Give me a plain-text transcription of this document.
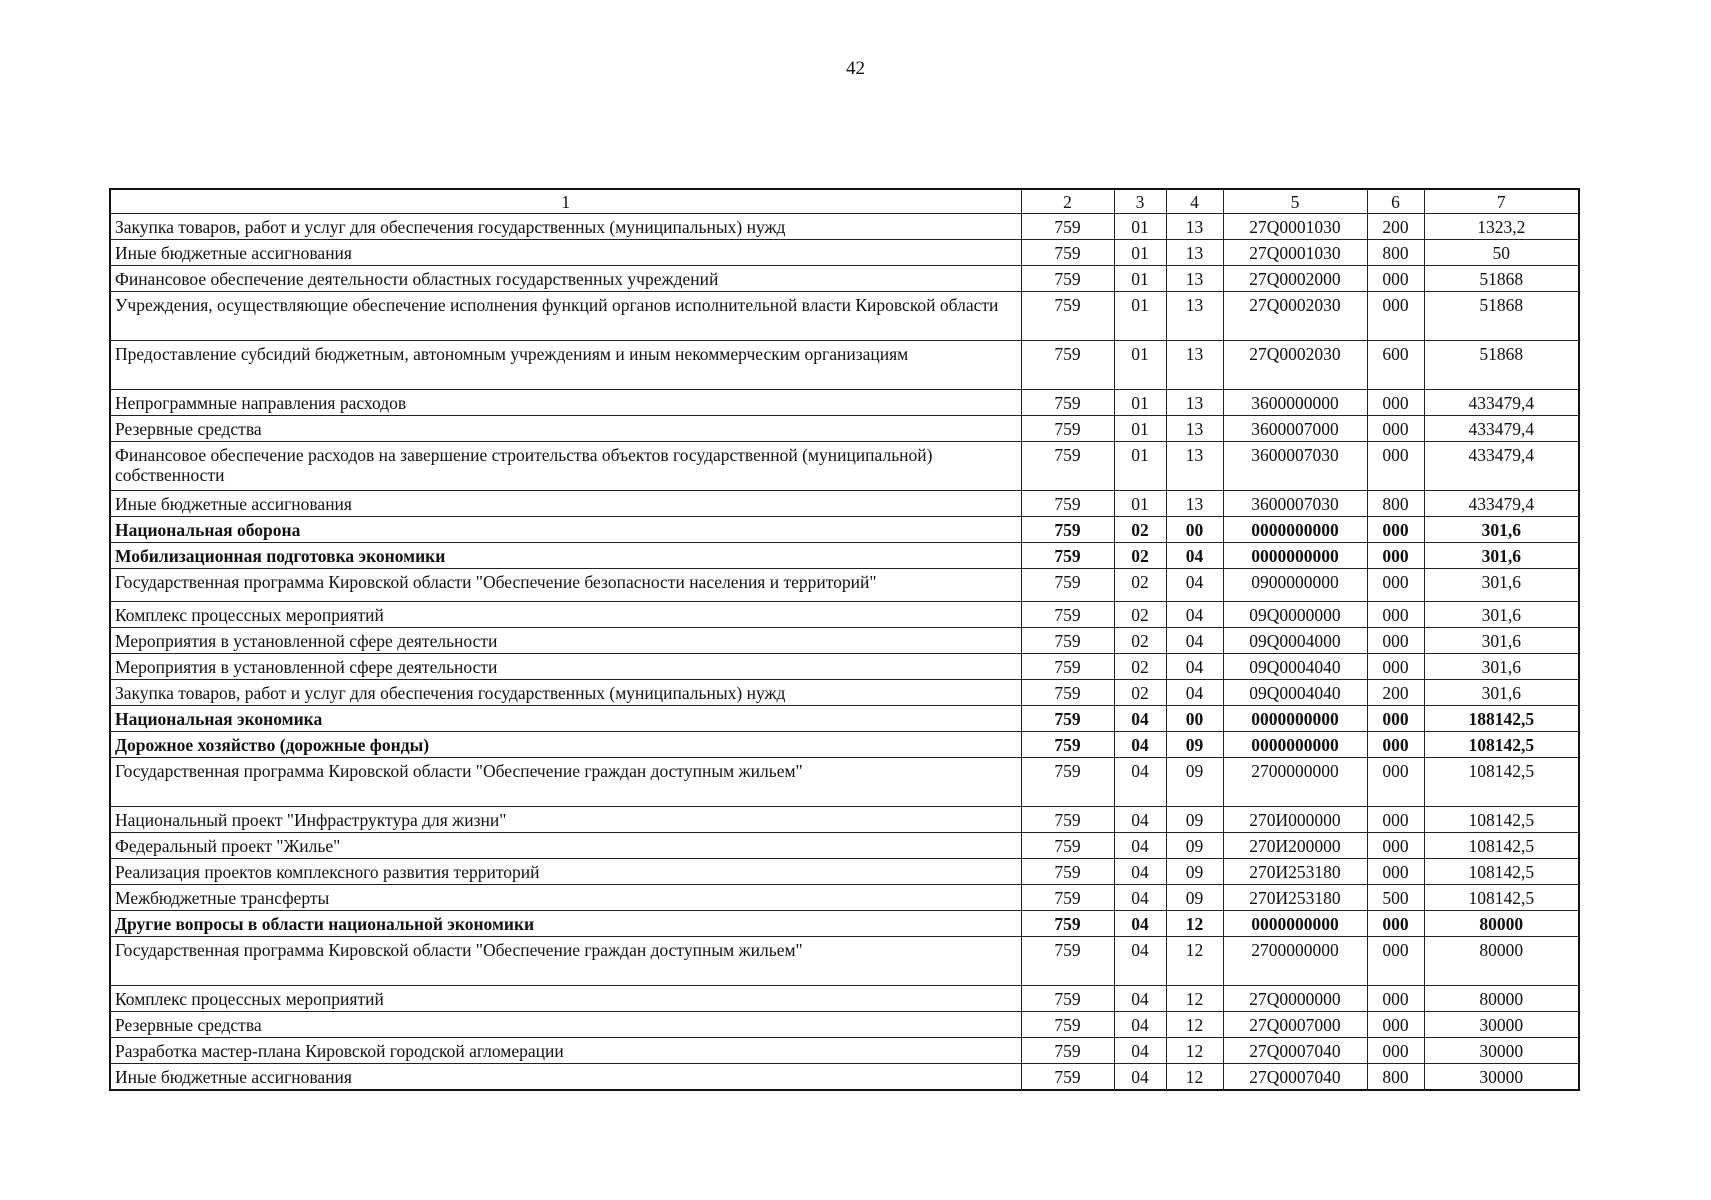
42
1	2	3	4	5	6	7
Закупка товаров, работ и услуг для обеспечения государственных (муниципальных) нужд	759	01	13	27Q0001030	200	1323,2
Иные бюджетные ассигнования	759	01	13	27Q0001030	800	50
Финансовое обеспечение деятельности областных государственных учреждений	759	01	13	27Q0002000	000	51868
Учреждения, осуществляющие обеспечение исполнения функций органов исполнительной власти Кировской области	759	01	13	27Q0002030	000	51868
Предоставление субсидий бюджетным, автономным учреждениям и иным некоммерческим организациям	759	01	13	27Q0002030	600	51868
Непрограммные направления расходов	759	01	13	3600000000	000	433479,4
Резервные средства	759	01	13	3600007000	000	433479,4
Финансовое обеспечение расходов на завершение строительства объектов государственной (муниципальной) собственности	759	01	13	3600007030	000	433479,4
Иные бюджетные ассигнования	759	01	13	3600007030	800	433479,4
Национальная оборона	759	02	00	0000000000	000	301,6
Мобилизационная подготовка экономики	759	02	04	0000000000	000	301,6
Государственная программа Кировской области "Обеспечение безопасности населения и территорий"	759	02	04	0900000000	000	301,6
Комплекс процессных мероприятий	759	02	04	09Q0000000	000	301,6
Мероприятия в установленной сфере деятельности	759	02	04	09Q0004000	000	301,6
Мероприятия в установленной сфере деятельности	759	02	04	09Q0004040	000	301,6
Закупка товаров, работ и услуг для обеспечения государственных (муниципальных) нужд	759	02	04	09Q0004040	200	301,6
Национальная экономика	759	04	00	0000000000	000	188142,5
Дорожное хозяйство (дорожные фонды)	759	04	09	0000000000	000	108142,5
Государственная программа Кировской области "Обеспечение граждан доступным жильем"	759	04	09	2700000000	000	108142,5
Национальный проект "Инфраструктура для жизни"	759	04	09	270И000000	000	108142,5
Федеральный проект "Жилье"	759	04	09	270И200000	000	108142,5
Реализация проектов комплексного развития территорий	759	04	09	270И253180	000	108142,5
Межбюджетные трансферты	759	04	09	270И253180	500	108142,5
Другие вопросы в области национальной экономики	759	04	12	0000000000	000	80000
Государственная программа Кировской области "Обеспечение граждан доступным жильем"	759	04	12	2700000000	000	80000
Комплекс процессных мероприятий	759	04	12	27Q0000000	000	80000
Резервные средства	759	04	12	27Q0007000	000	30000
Разработка мастер-плана Кировской городской агломерации	759	04	12	27Q0007040	000	30000
Иные бюджетные ассигнования	759	04	12	27Q0007040	800	30000
